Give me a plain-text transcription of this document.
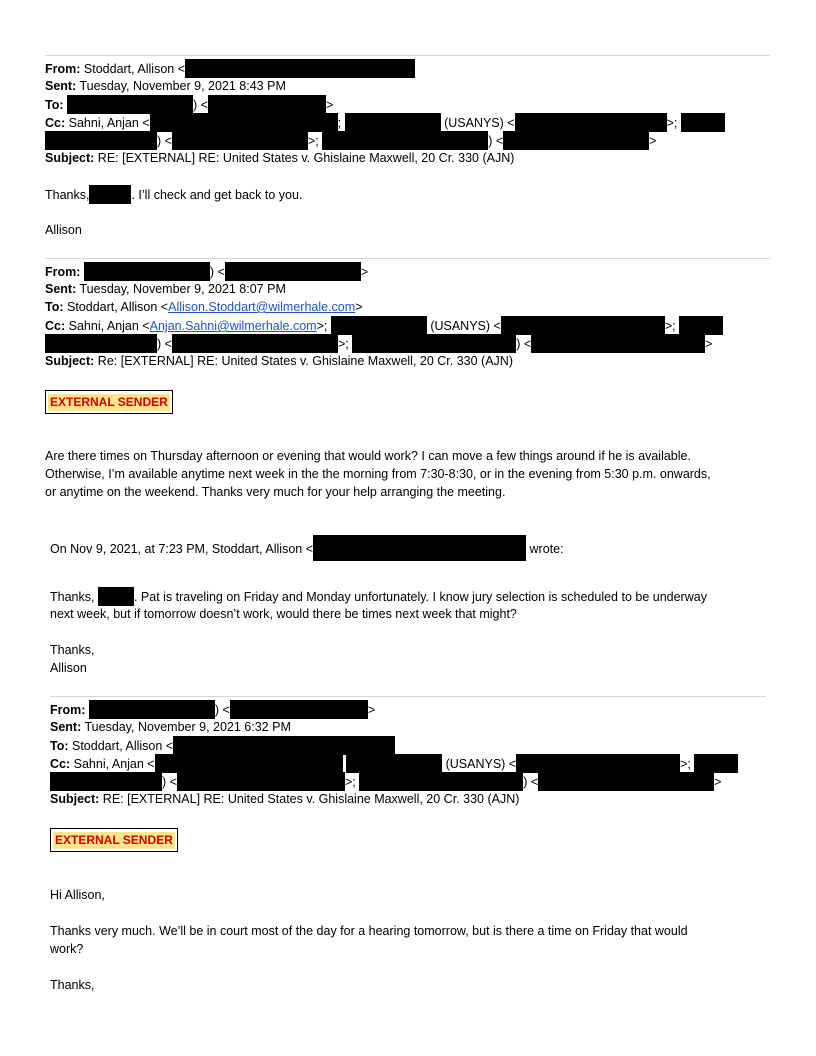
From: Stoddart, Allison <
Sent: Tuesday, November 9, 2021 8:43 PM
To:	) <	>
Cc: Sahni, Anjan <	;	(USANYS) <	>;
) <	>;	) <	>
Subject: RE: [EXTERNAL] RE: United States v. Ghislaine Maxwell, 20 Cr. 330 (AJN)
Thanks,	. I’ll check and get back to you.
Allison
From:	) <	>
Sent: Tuesday, November 9, 2021 8:07 PM
To: Stoddart, Allison <Allison.Stoddart@wilmerhale.com>
Cc: Sahni, Anjan <Anjan.Sahni@wilmerhale.com>;	(USANYS) <	>;
) <	>;	) <	>
Subject: Re: [EXTERNAL] RE: United States v. Ghislaine Maxwell, 20 Cr. 330 (AJN)
EXTERNAL SENDER
Are there times on Thursday afternoon or evening that would work? I can move a few things around if he is available.
Otherwise, I’m available anytime next week in the the morning from 7:30-8:30, or in the evening from 5:30 p.m. onwards,
or anytime on the weekend. Thanks very much for your help arranging the meeting.
On Nov 9, 2021, at 7:23 PM, Stoddart, Allison <	wrote:
Thanks,	. Pat is traveling on Friday and Monday unfortunately. I know jury selection is scheduled to be underway
next week, but if tomorrow doesn’t work, would there be times next week that might?
Thanks,
Allison
From:	) <	>
Sent: Tuesday, November 9, 2021 6:32 PM
To: Stoddart, Allison <
Cc: Sahni, Anjan <	(USANYS) <	>;
) <	>;	) <	>
Subject: RE: [EXTERNAL] RE: United States v. Ghislaine Maxwell, 20 Cr. 330 (AJN)
EXTERNAL SENDER
Hi Allison,
Thanks very much. We’ll be in court most of the day for a hearing tomorrow, but is there a time on Friday that would
work?
Thanks,
